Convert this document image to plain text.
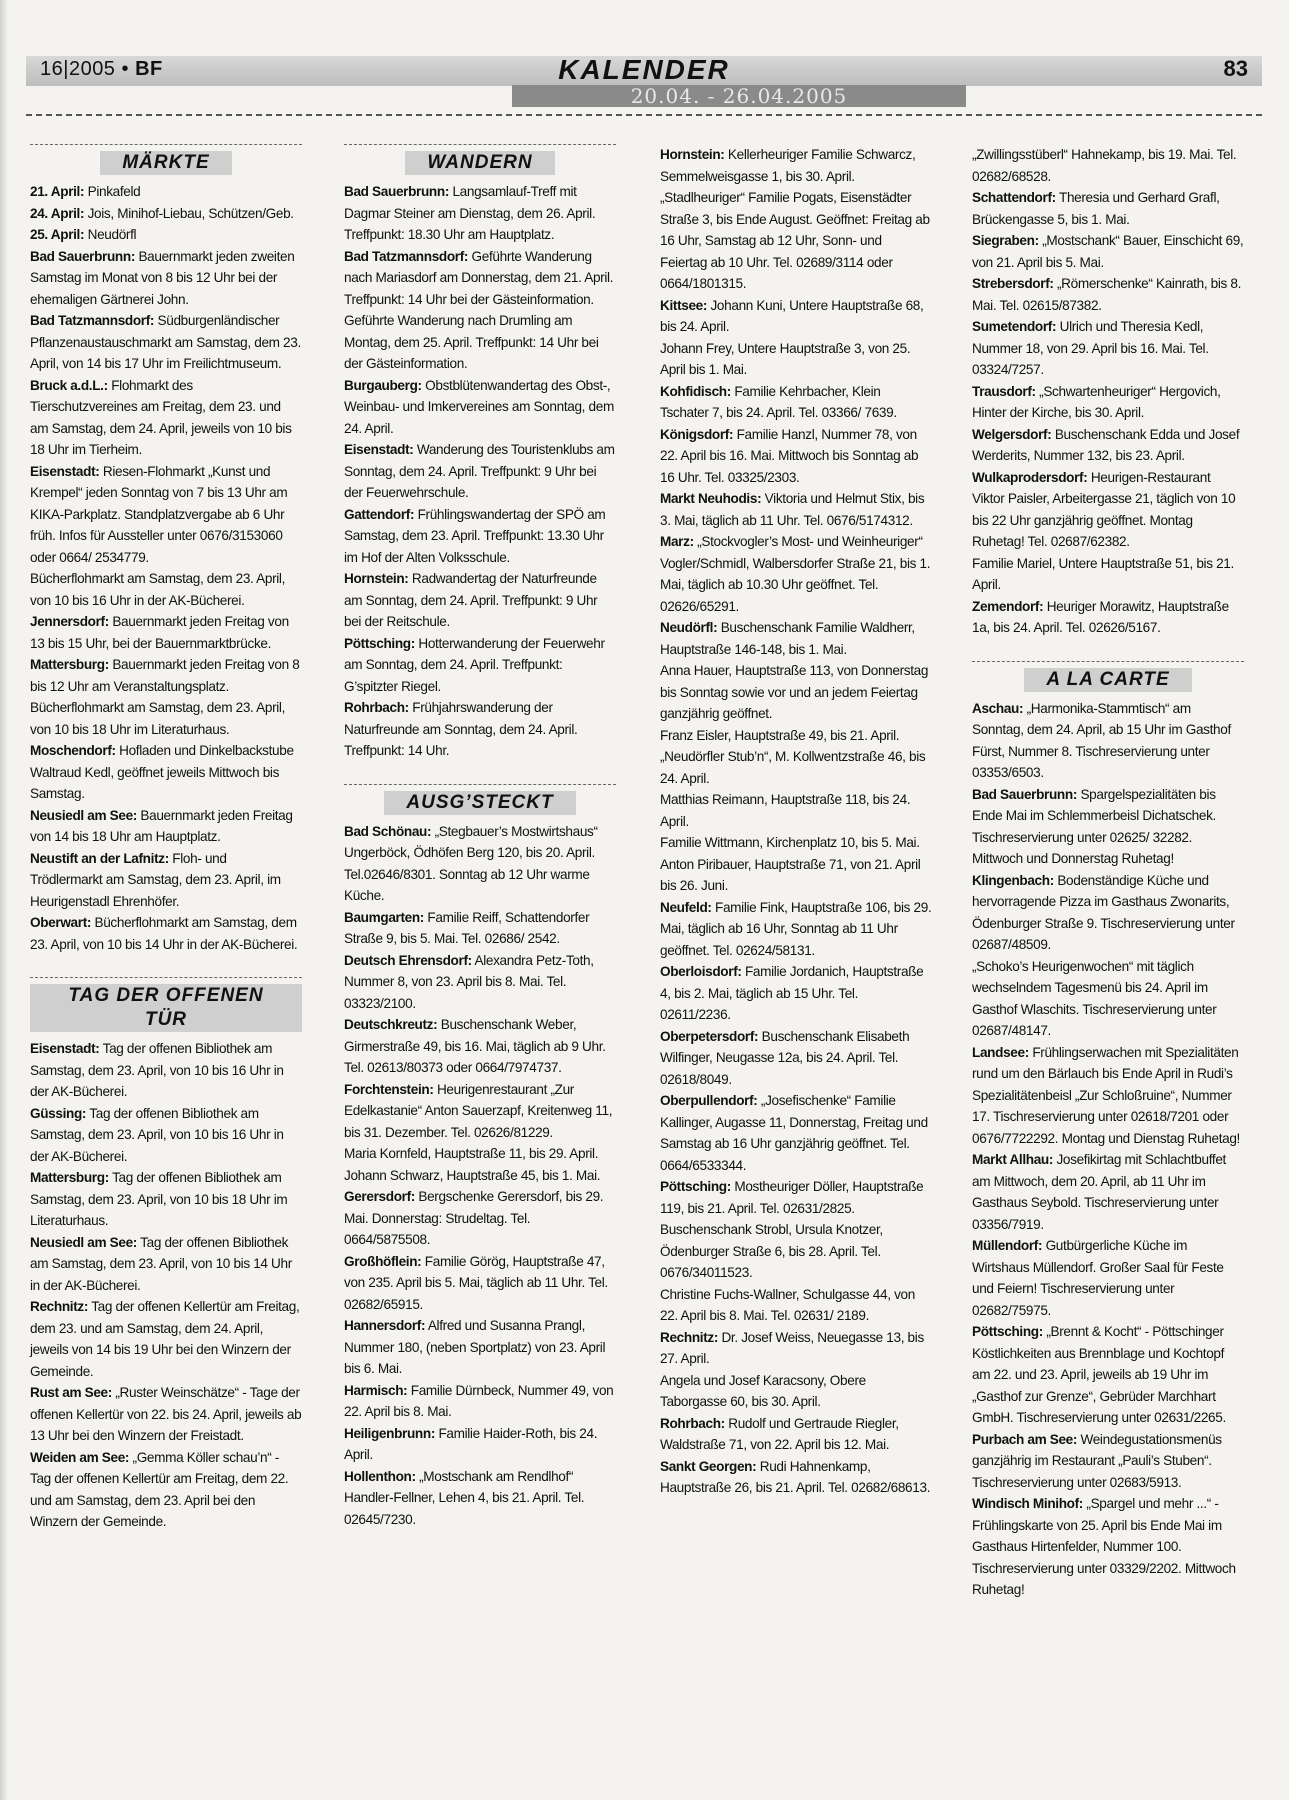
16|2005 • BF	KALENDER
20.04. - 26.04.2005
83
MÄRKTE

21. April: Pinkafeld

24. April: Jois, Minihof-Liebau, Schützen/Geb.

25. April: Neudörfl

Bad Sauerbrunn: Bauernmarkt jeden zweiten Samstag im Monat von 8 bis 12 Uhr bei der ehemaligen Gärtnerei John.

Bad Tatzmannsdorf: Südburgenländischer Pflanzenaustauschmarkt am Samstag, dem 23. April, von 14 bis 17 Uhr im Freilichtmuseum.

Bruck a.d.L.: Flohmarkt des Tierschutzvereines am Freitag, dem 23. und am Samstag, dem 24. April, jeweils von 10 bis 18 Uhr im Tierheim.

Eisenstadt: Riesen-Flohmarkt „Kunst und Krempel“ jeden Sonntag von 7 bis 13 Uhr am KIKA-Parkplatz. Standplatzvergabe ab 6 Uhr früh. Infos für Aussteller unter 0676/3153060 oder 0664/ 2534779.

Bücherflohmarkt am Samstag, dem 23. April, von 10 bis 16 Uhr in der AK-Bücherei.

Jennersdorf: Bauernmarkt jeden Freitag von 13 bis 15 Uhr, bei der Bauernmarktbrücke.

Mattersburg: Bauernmarkt jeden Freitag von 8 bis 12 Uhr am Veranstaltungsplatz.

Bücherflohmarkt am Samstag, dem 23. April, von 10 bis 18 Uhr im Literaturhaus.

Moschendorf: Hofladen und Dinkelbackstube Waltraud Kedl, geöffnet jeweils Mittwoch bis Samstag.

Neusiedl am See: Bauernmarkt jeden Freitag von 14 bis 18 Uhr am Hauptplatz.

Neustift an der Lafnitz: Floh- und Trödlermarkt am Samstag, dem 23. April, im Heurigenstadl Ehrenhöfer.

Oberwart: Bücherflohmarkt am Samstag, dem 23. April, von 10 bis 14 Uhr in der AK-Bücherei.

TAG DER OFFENEN TÜR

Eisenstadt: Tag der offenen Bibliothek am Samstag, dem 23. April, von 10 bis 16 Uhr in der AK-Bücherei.

Güssing: Tag der offenen Bibliothek am Samstag, dem 23. April, von 10 bis 16 Uhr in der AK-Bücherei.

Mattersburg: Tag der offenen Bibliothek am Samstag, dem 23. April, von 10 bis 18 Uhr im Literaturhaus.

Neusiedl am See: Tag der offenen Bibliothek am Samstag, dem 23. April, von 10 bis 14 Uhr in der AK-Bücherei.

Rechnitz: Tag der offenen Kellertür am Freitag, dem 23. und am Samstag, dem 24. April, jeweils von 14 bis 19 Uhr bei den Winzern der Gemeinde.

Rust am See: „Ruster Weinschätze“ - Tage der offenen Kellertür von 22. bis 24. April, jeweils ab 13 Uhr bei den Winzern der Freistadt.

Weiden am See: „Gemma Köller schau’n“ - Tag der offenen Kellertür am Freitag, dem 22. und am Samstag, dem 23. April bei den Winzern der Gemeinde.

WANDERN

Bad Sauerbrunn: Langsamlauf-Treff mit Dagmar Steiner am Dienstag, dem 26. April. Treffpunkt: 18.30 Uhr am Hauptplatz.

Bad Tatzmannsdorf: Geführte Wanderung nach Mariasdorf am Donnerstag, dem 21. April. Treffpunkt: 14 Uhr bei der Gästeinformation.

Geführte Wanderung nach Drumling am Montag, dem 25. April. Treffpunkt: 14 Uhr bei der Gästeinformation.

Burgauberg: Obstblütenwandertag des Obst-, Weinbau- und Imkervereines am Sonntag, dem 24. April.

Eisenstadt: Wanderung des Touristenklubs am Sonntag, dem 24. April. Treffpunkt: 9 Uhr bei der Feuerwehrschule.

Gattendorf: Frühlingswandertag der SPÖ am Samstag, dem 23. April. Treffpunkt: 13.30 Uhr im Hof der Alten Volksschule.

Hornstein: Radwandertag der Naturfreunde am Sonntag, dem 24. April. Treffpunkt: 9 Uhr bei der Reitschule.

Pöttsching: Hotterwanderung der Feuerwehr am Sonntag, dem 24. April. Treffpunkt: G’spitzter Riegel.

Rohrbach: Frühjahrswanderung der Naturfreunde am Sonntag, dem 24. April. Treffpunkt: 14 Uhr.

AUSG’STECKT

Bad Schönau: „Stegbauer’s Mostwirtshaus“ Ungerböck, Ödhöfen Berg 120, bis 20. April. Tel.02646/8301. Sonntag ab 12 Uhr warme Küche.

Baumgarten: Familie Reiff, Schattendorfer Straße 9, bis 5. Mai. Tel. 02686/ 2542.

Deutsch Ehrensdorf: Alexandra Petz-Toth, Nummer 8, von 23. April bis 8. Mai. Tel. 03323/2100.

Deutschkreutz: Buschenschank Weber, Girmerstraße 49, bis 16. Mai, täglich ab 9 Uhr. Tel. 02613/80373 oder 0664/7974737.

Forchtenstein: Heurigenrestaurant „Zur Edelkastanie“ Anton Sauerzapf, Kreitenweg 11, bis 31. Dezember. Tel. 02626/81229.

Maria Kornfeld, Hauptstraße 11, bis 29. April.

Johann Schwarz, Hauptstraße 45, bis 1. Mai.

Gerersdorf: Bergschenke Gerersdorf, bis 29. Mai. Donnerstag: Strudeltag. Tel. 0664/5875508.

Großhöflein: Familie Görög, Hauptstraße 47, von 235. April bis 5. Mai, täglich ab 11 Uhr. Tel. 02682/65915.

Hannersdorf: Alfred und Susanna Prangl, Nummer 180, (neben Sportplatz) von 23. April bis 6. Mai.

Harmisch: Familie Dürnbeck, Nummer 49, von 22. April bis 8. Mai.

Heiligenbrunn: Familie Haider-Roth, bis 24. April.

Hollenthon: „Mostschank am Rendlhof“ Handler-Fellner, Lehen 4, bis 21. April. Tel. 02645/7230.

Hornstein: Kellerheuriger Familie Schwarcz, Semmelweisgasse 1, bis 30. April.

„Stadlheuriger“ Familie Pogats, Eisenstädter Straße 3, bis Ende August. Geöffnet: Freitag ab 16 Uhr, Samstag ab 12 Uhr, Sonn- und Feiertag ab 10 Uhr. Tel. 02689/3114 oder 0664/1801315.

Kittsee: Johann Kuni, Untere Hauptstraße 68, bis 24. April.

Johann Frey, Untere Hauptstraße 3, von 25. April bis 1. Mai.

Kohfidisch: Familie Kehrbacher, Klein Tschater 7, bis 24. April. Tel. 03366/ 7639.

Königsdorf: Familie Hanzl, Nummer 78, von 22. April bis 16. Mai. Mittwoch bis Sonntag ab 16 Uhr. Tel. 03325/2303.

Markt Neuhodis: Viktoria und Helmut Stix, bis 3. Mai, täglich ab 11 Uhr. Tel. 0676/5174312.

Marz: „Stockvogler’s Most- und Weinheuriger“ Vogler/Schmidl, Walbersdorfer Straße 21, bis 1. Mai, täglich ab 10.30 Uhr geöffnet. Tel. 02626/65291.

Neudörfl: Buschenschank Familie Waldherr, Hauptstraße 146-148, bis 1. Mai.

Anna Hauer, Hauptstraße 113, von Donnerstag bis Sonntag sowie vor und an jedem Feiertag ganzjährig geöffnet.

Franz Eisler, Hauptstraße 49, bis 21. April.

„Neudörfler Stub’n“, M. Kollwentzstraße 46, bis 24. April.

Matthias Reimann, Hauptstraße 118, bis 24. April.

Familie Wittmann, Kirchenplatz 10, bis 5. Mai.

Anton Piribauer, Hauptstraße 71, von 21. April bis 26. Juni.

Neufeld: Familie Fink, Hauptstraße 106, bis 29. Mai, täglich ab 16 Uhr, Sonntag ab 11 Uhr geöffnet. Tel. 02624/58131.

Oberloisdorf: Familie Jordanich, Hauptstraße 4, bis 2. Mai, täglich ab 15 Uhr. Tel. 02611/2236.

Oberpetersdorf: Buschenschank Elisabeth Wilfinger, Neugasse 12a, bis 24. April. Tel. 02618/8049.

Oberpullendorf: „Josefischenke“ Familie Kallinger, Augasse 11, Donnerstag, Freitag und Samstag ab 16 Uhr ganzjährig geöffnet. Tel. 0664/6533344.

Pöttsching: Mostheuriger Döller, Hauptstraße 119, bis 21. April. Tel. 02631/2825.

Buschenschank Strobl, Ursula Knotzer, Ödenburger Straße 6, bis 28. April. Tel. 0676/34011523.

Christine Fuchs-Wallner, Schulgasse 44, von 22. April bis 8. Mai. Tel. 02631/ 2189.

Rechnitz: Dr. Josef Weiss, Neuegasse 13, bis 27. April.

Angela und Josef Karacsony, Obere Taborgasse 60, bis 30. April.

Rohrbach: Rudolf und Gertraude Riegler, Waldstraße 71, von 22. April bis 12. Mai.

Sankt Georgen: Rudi Hahnenkamp, Hauptstraße 26, bis 21. April. Tel. 02682/68613.

„Zwillingsstüberl“ Hahnekamp, bis 19. Mai. Tel. 02682/68528.

Schattendorf: Theresia und Gerhard Grafl, Brückengasse 5, bis 1. Mai.

Siegraben: „Mostschank“ Bauer, Einschicht 69, von 21. April bis 5. Mai.

Strebersdorf: „Römerschenke“ Kainrath, bis 8. Mai. Tel. 02615/87382.

Sumetendorf: Ulrich und Theresia Kedl, Nummer 18, von 29. April bis 16. Mai. Tel. 03324/7257.

Trausdorf: „Schwartenheuriger“ Hergovich, Hinter der Kirche, bis 30. April.

Welgersdorf: Buschenschank Edda und Josef Werderits, Nummer 132, bis 23. April.

Wulkaprodersdorf: Heurigen-Restaurant Viktor Paisler, Arbeitergasse 21, täglich von 10 bis 22 Uhr ganzjährig geöffnet. Montag Ruhetag! Tel. 02687/62382.

Familie Mariel, Untere Hauptstraße 51, bis 21. April.

Zemendorf: Heuriger Morawitz, Hauptstraße 1a, bis 24. April. Tel. 02626/5167.

A LA CARTE

Aschau: „Harmonika-Stammtisch“ am Sonntag, dem 24. April, ab 15 Uhr im Gasthof Fürst, Nummer 8. Tischreservierung unter 03353/6503.

Bad Sauerbrunn: Spargelspezialitäten bis Ende Mai im Schlemmerbeisl Dichatschek. Tischreservierung unter 02625/ 32282. Mittwoch und Donnerstag Ruhetag!

Klingenbach: Bodenständige Küche und hervorragende Pizza im Gasthaus Zwonarits, Ödenburger Straße 9. Tischreservierung unter 02687/48509.

„Schoko’s Heurigenwochen“ mit täglich wechselndem Tagesmenü bis 24. April im Gasthof Wlaschits. Tischreservierung unter 02687/48147.

Landsee: Frühlingserwachen mit Spezialitäten rund um den Bärlauch bis Ende April in Rudi’s Spezialitätenbeisl „Zur Schloßruine“, Nummer 17. Tischreservierung unter 02618/7201 oder 0676/7722292. Montag und Dienstag Ruhetag!

Markt Allhau: Josefikirtag mit Schlachtbuffet am Mittwoch, dem 20. April, ab 11 Uhr im Gasthaus Seybold. Tischreservierung unter 03356/7919.

Müllendorf: Gutbürgerliche Küche im Wirtshaus Müllendorf. Großer Saal für Feste und Feiern! Tischreservierung unter 02682/75975.

Pöttsching: „Brennt & Kocht“ - Pöttschinger Köstlichkeiten aus Brennblage und Kochtopf am 22. und 23. April, jeweils ab 19 Uhr im „Gasthof zur Grenze“, Gebrüder Marchhart GmbH. Tischreservierung unter 02631/2265.

Purbach am See: Weindegustationsmenüs ganzjährig im Restaurant „Pauli’s Stuben“. Tischreservierung unter 02683/5913.

Windisch Minihof: „Spargel und mehr ...“ - Frühlingskarte von 25. April bis Ende Mai im Gasthaus Hirtenfelder, Nummer 100. Tischreservierung unter 03329/2202. Mittwoch Ruhetag!
